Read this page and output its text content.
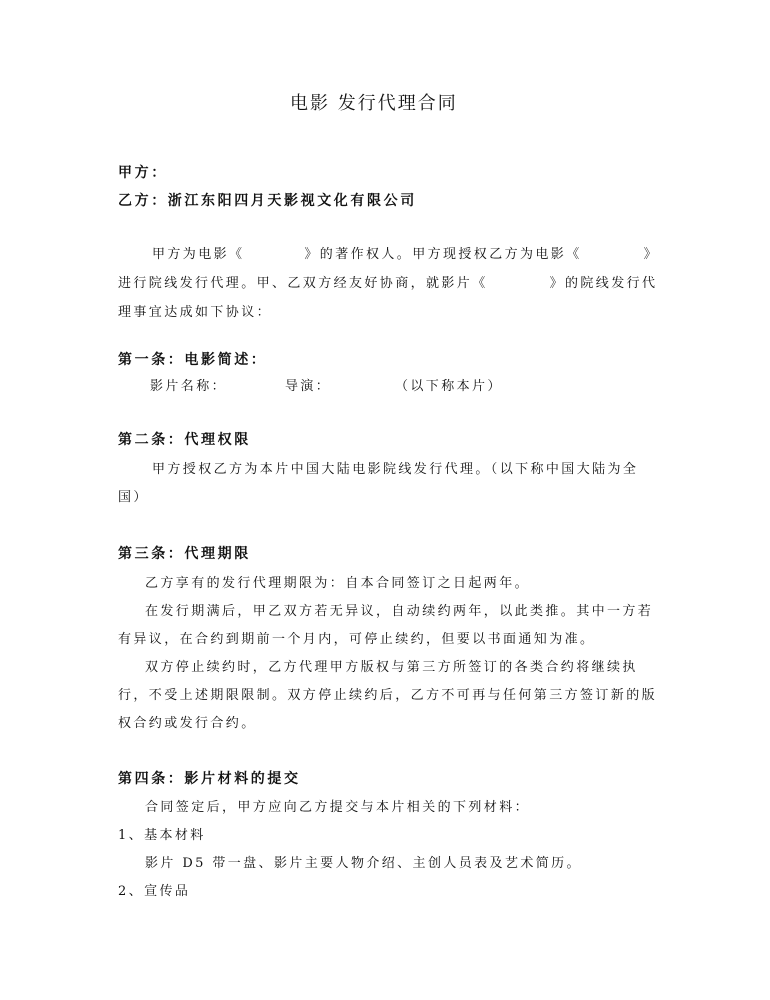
电影 发行代理合同
甲方：
乙方：浙江东阳四月天影视文化有限公司
甲方为电影《	》的著作权人。甲方现授权乙方为电影《	》
进行院线发行代理。甲、乙双方经友好协商，就影片《	》的院线发行代
理事宜达成如下协议：
第一条：电影简述：
影片名称：	导演：	（以下称本片）
第二条：代理权限
甲方授权乙方为本片中国大陆电影院线发行代理。（以下称中国大陆为全
国）
第三条：代理期限
乙方享有的发行代理期限为：自本合同签订之日起两年。
在发行期满后，甲乙双方若无异议，自动续约两年，以此类推。其中一方若
有异议，在合约到期前一个月内，可停止续约，但要以书面通知为准。
双方停止续约时，乙方代理甲方版权与第三方所签订的各类合约将继续执
行，不受上述期限限制。双方停止续约后，乙方不可再与任何第三方签订新的版
权合约或发行合约。
第四条：影片材料的提交
合同签定后，甲方应向乙方提交与本片相关的下列材料：
1、基本材料
影片 D5 带一盘、影片主要人物介绍、主创人员表及艺术简历。
2、宣传品
